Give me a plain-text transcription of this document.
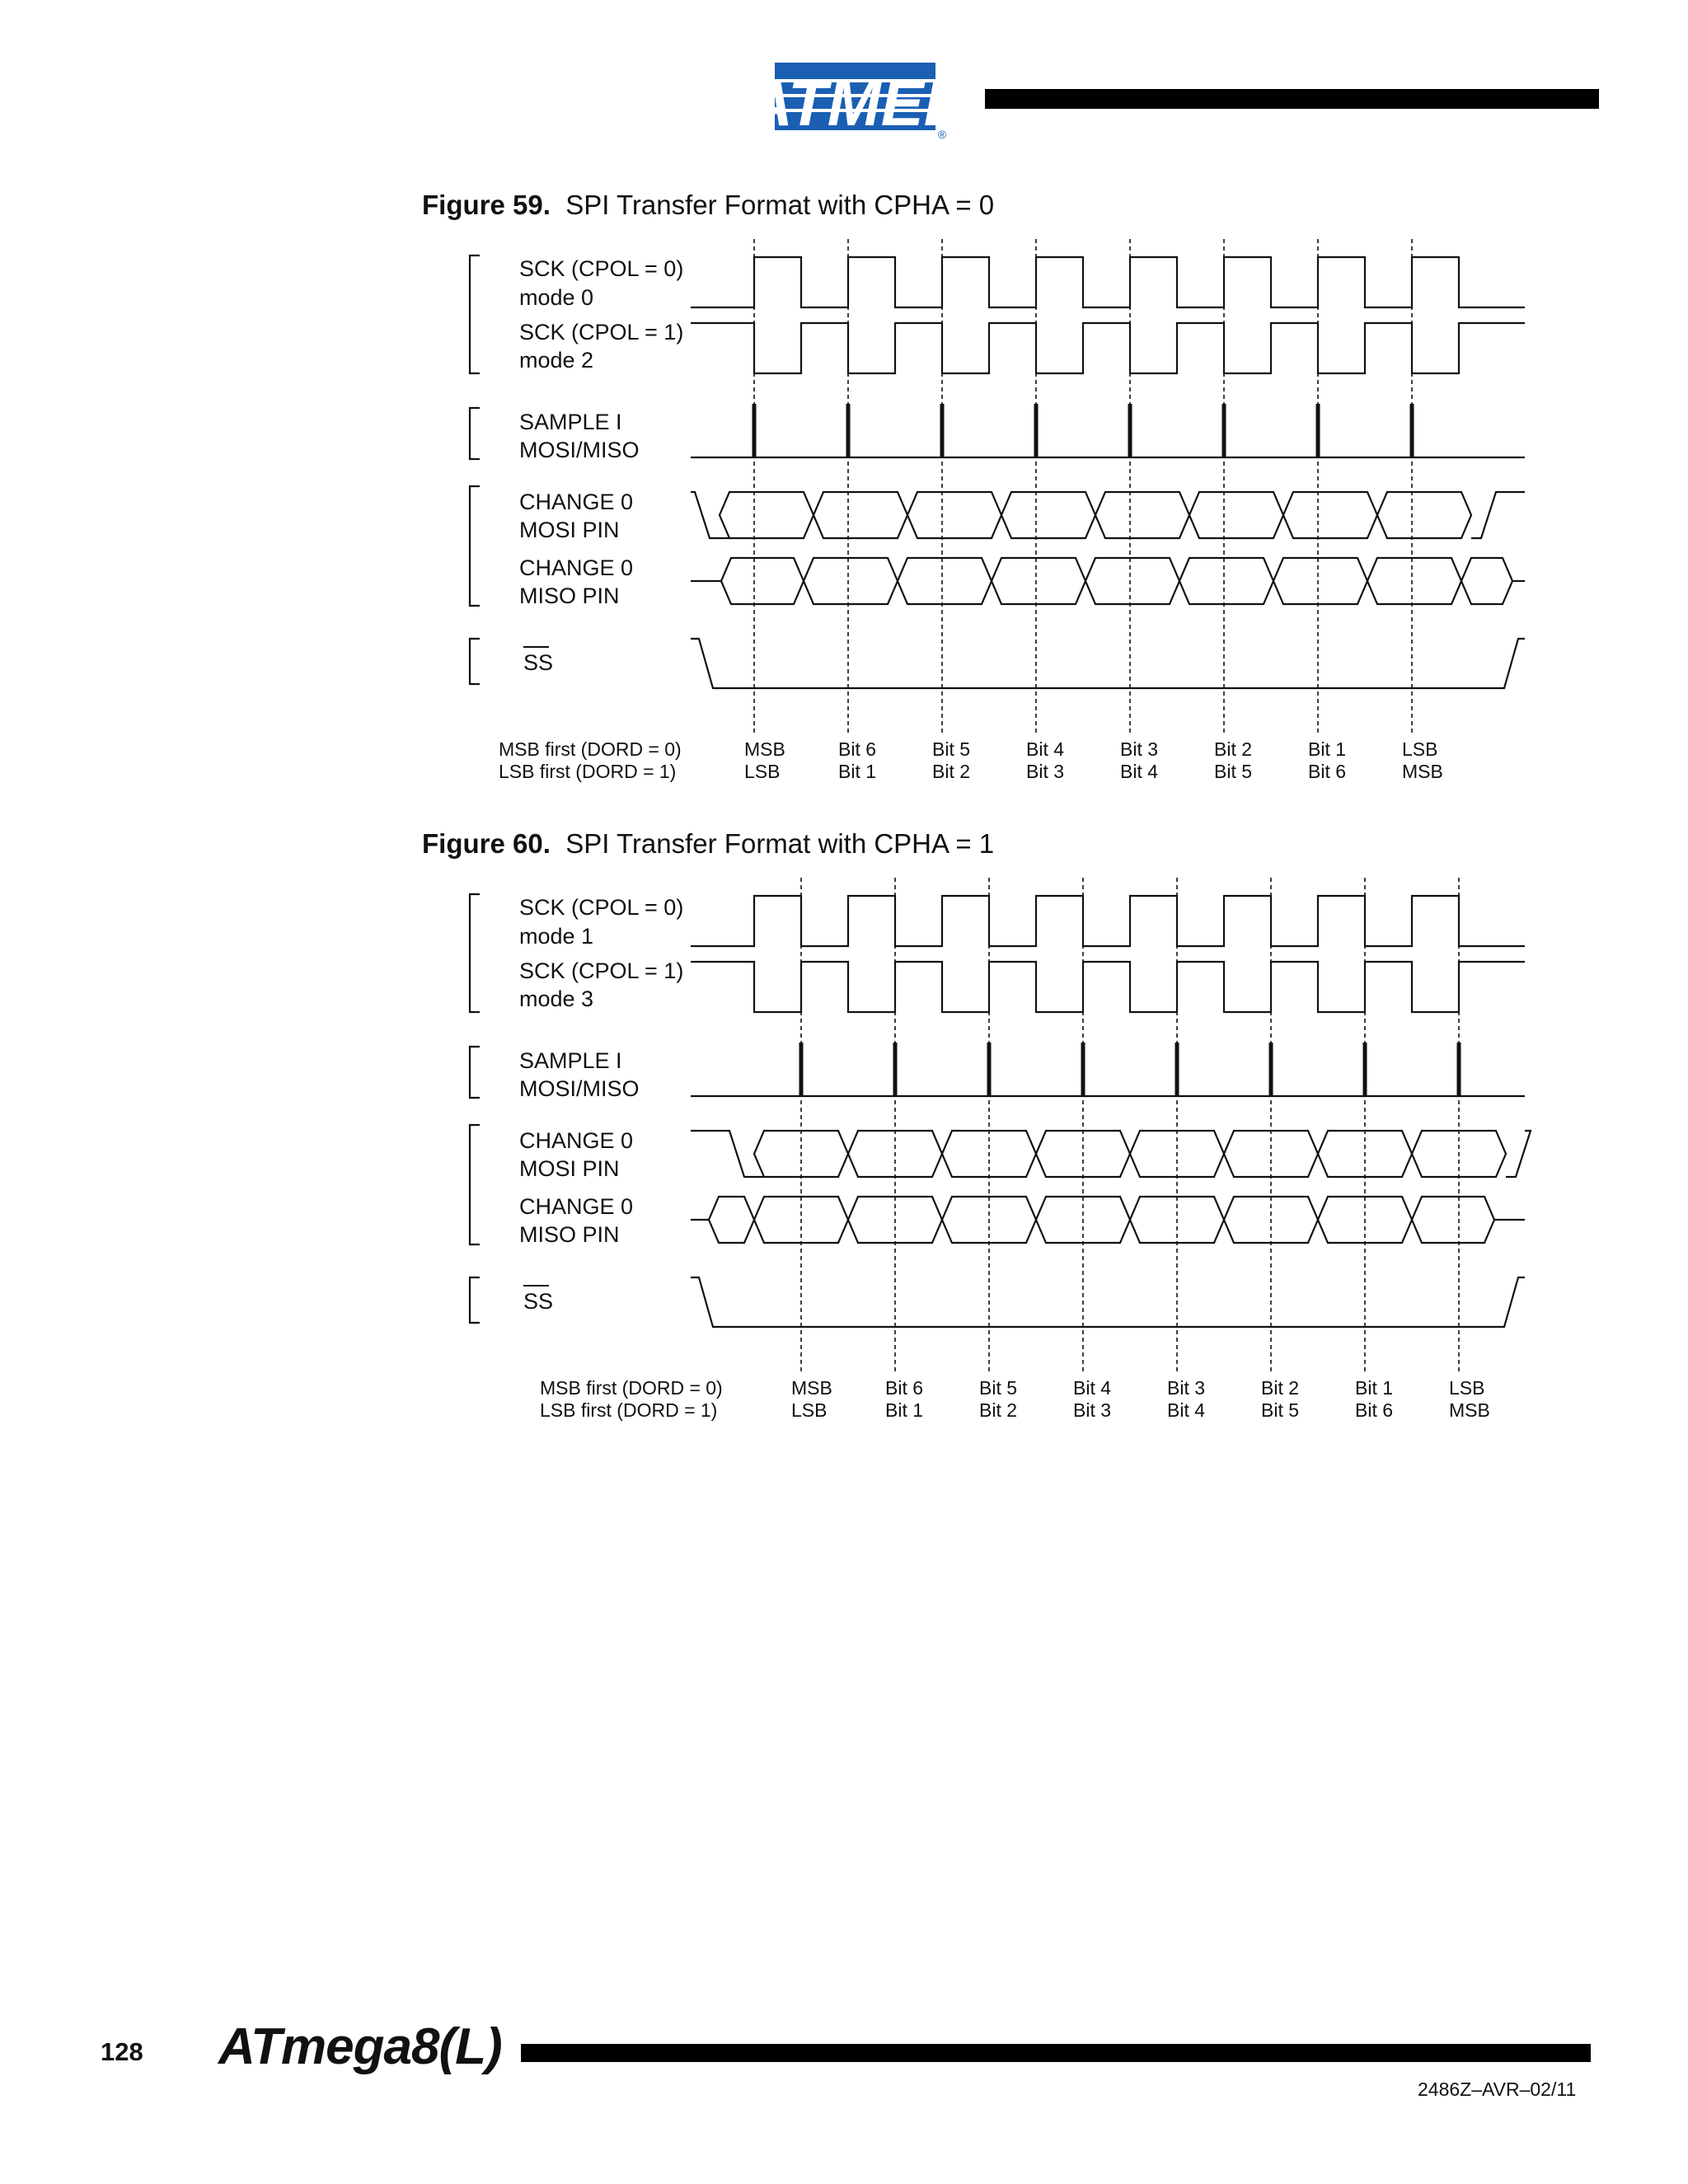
TMEL
®
Figure 59. SPI Transfer Format with CPHA = 0
SCK (CPOL = 0)
mode 0
SCK (CPOL = 1)
mode 2
SAMPLE I
MOSI/MISO
CHANGE 0
MOSI PIN
CHANGE 0
MISO PIN
SS
MSB first (DORD = 0)
LSB first (DORD = 1)
MSB
LSB
Bit 6
Bit 1
Bit 5
Bit 2
Bit 4
Bit 3
Bit 3
Bit 4
Bit 2
Bit 5
Bit 1
Bit 6
LSB
MSB
Figure 60. SPI Transfer Format with CPHA = 1
SCK (CPOL = 0)
mode 1
SCK (CPOL = 1)
mode 3
SAMPLE I
MOSI/MISO
CHANGE 0
MOSI PIN
CHANGE 0
MISO PIN
SS
MSB first (DORD = 0)
LSB first (DORD = 1)
MSB
LSB
Bit 6
Bit 1
Bit 5
Bit 2
Bit 4
Bit 3
Bit 3
Bit 4
Bit 2
Bit 5
Bit 1
Bit 6
LSB
MSB
128 ATmega8(L)
2486Z–AVR–02/11
